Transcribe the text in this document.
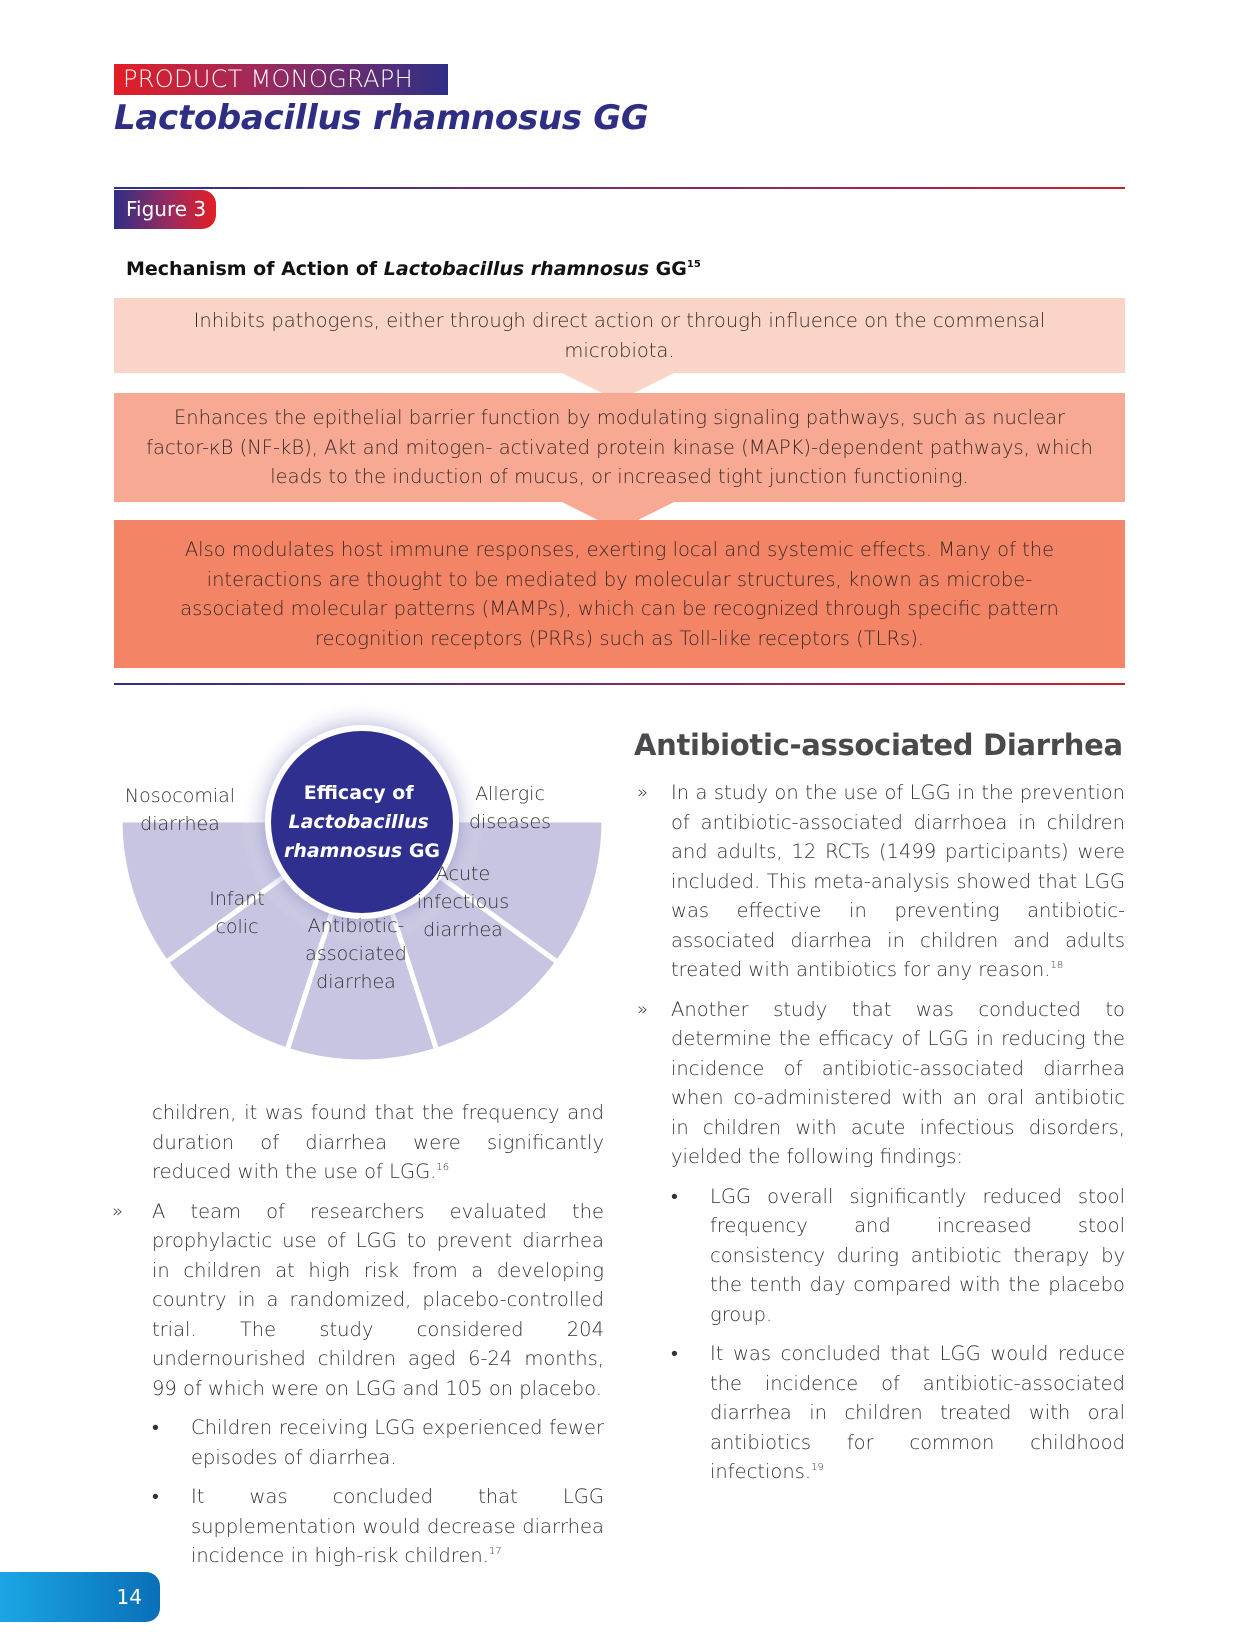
PRODUCT MONOGRAPH
Lactobacillus rhamnosus GG
Figure 3
Mechanism of Action of Lactobacillus rhamnosus GG$^{15}$
Inhibits pathogens, either through direct action or through influence on the commensal microbiota.
Enhances the epithelial barrier function by modulating signaling pathways, such as nuclear factor-κB (NF-kB), Akt and mitogen- activated protein kinase (MAPK)-dependent pathways, which leads to the induction of mucus, or increased tight junction functioning.
Also modulates host immune responses, exerting local and systemic effects. Many of the interactions are thought to be mediated by molecular structures, known as microbe- associated molecular patterns (MAMPs), which can be recognized through specific pattern recognition receptors (PRRs) such as Toll-like receptors (TLRs).
Efficacy of Lactobacillus rhamnosus GG
Nosocomial diarrhea
Infant colic	Antibiotic-associated diarrhea
Acute infectious diarrhea
Allergic diseases
children, it was found that the frequency and duration of diarrhea were significantly reduced with the use of LGG.$^{16}$
» A team of researchers evaluated the prophylactic use of LGG to prevent diarrhea in children at high risk from a developing country in a randomized, placebo-controlled trial. The study considered 204 undernourished children aged 6-24 months, 99 of which were on LGG and 105 on placebo.
• Children receiving LGG experienced fewer episodes of diarrhea.
• It was concluded that LGG supplementation would decrease diarrhea incidence in high-risk children.$^{17}$
Antibiotic-associated Diarrhea
» In a study on the use of LGG in the prevention of antibiotic-associated diarrhoea in children and adults, 12 RCTs (1499 participants) were included. This meta-analysis showed that LGG was effective in preventing antibiotic-associated diarrhea in children and adults treated with antibiotics for any reason.$^{18}$
» Another study that was conducted to determine the efficacy of LGG in reducing the incidence of antibiotic-associated diarrhea when co-administered with an oral antibiotic in children with acute infectious disorders, yielded the following findings:
• LGG overall significantly reduced stool frequency and increased stool consistency during antibiotic therapy by the tenth day compared with the placebo group.
• It was concluded that LGG would reduce the incidence of antibiotic-associated diarrhea in children treated with oral antibiotics for common childhood infections.$^{19}$
14
